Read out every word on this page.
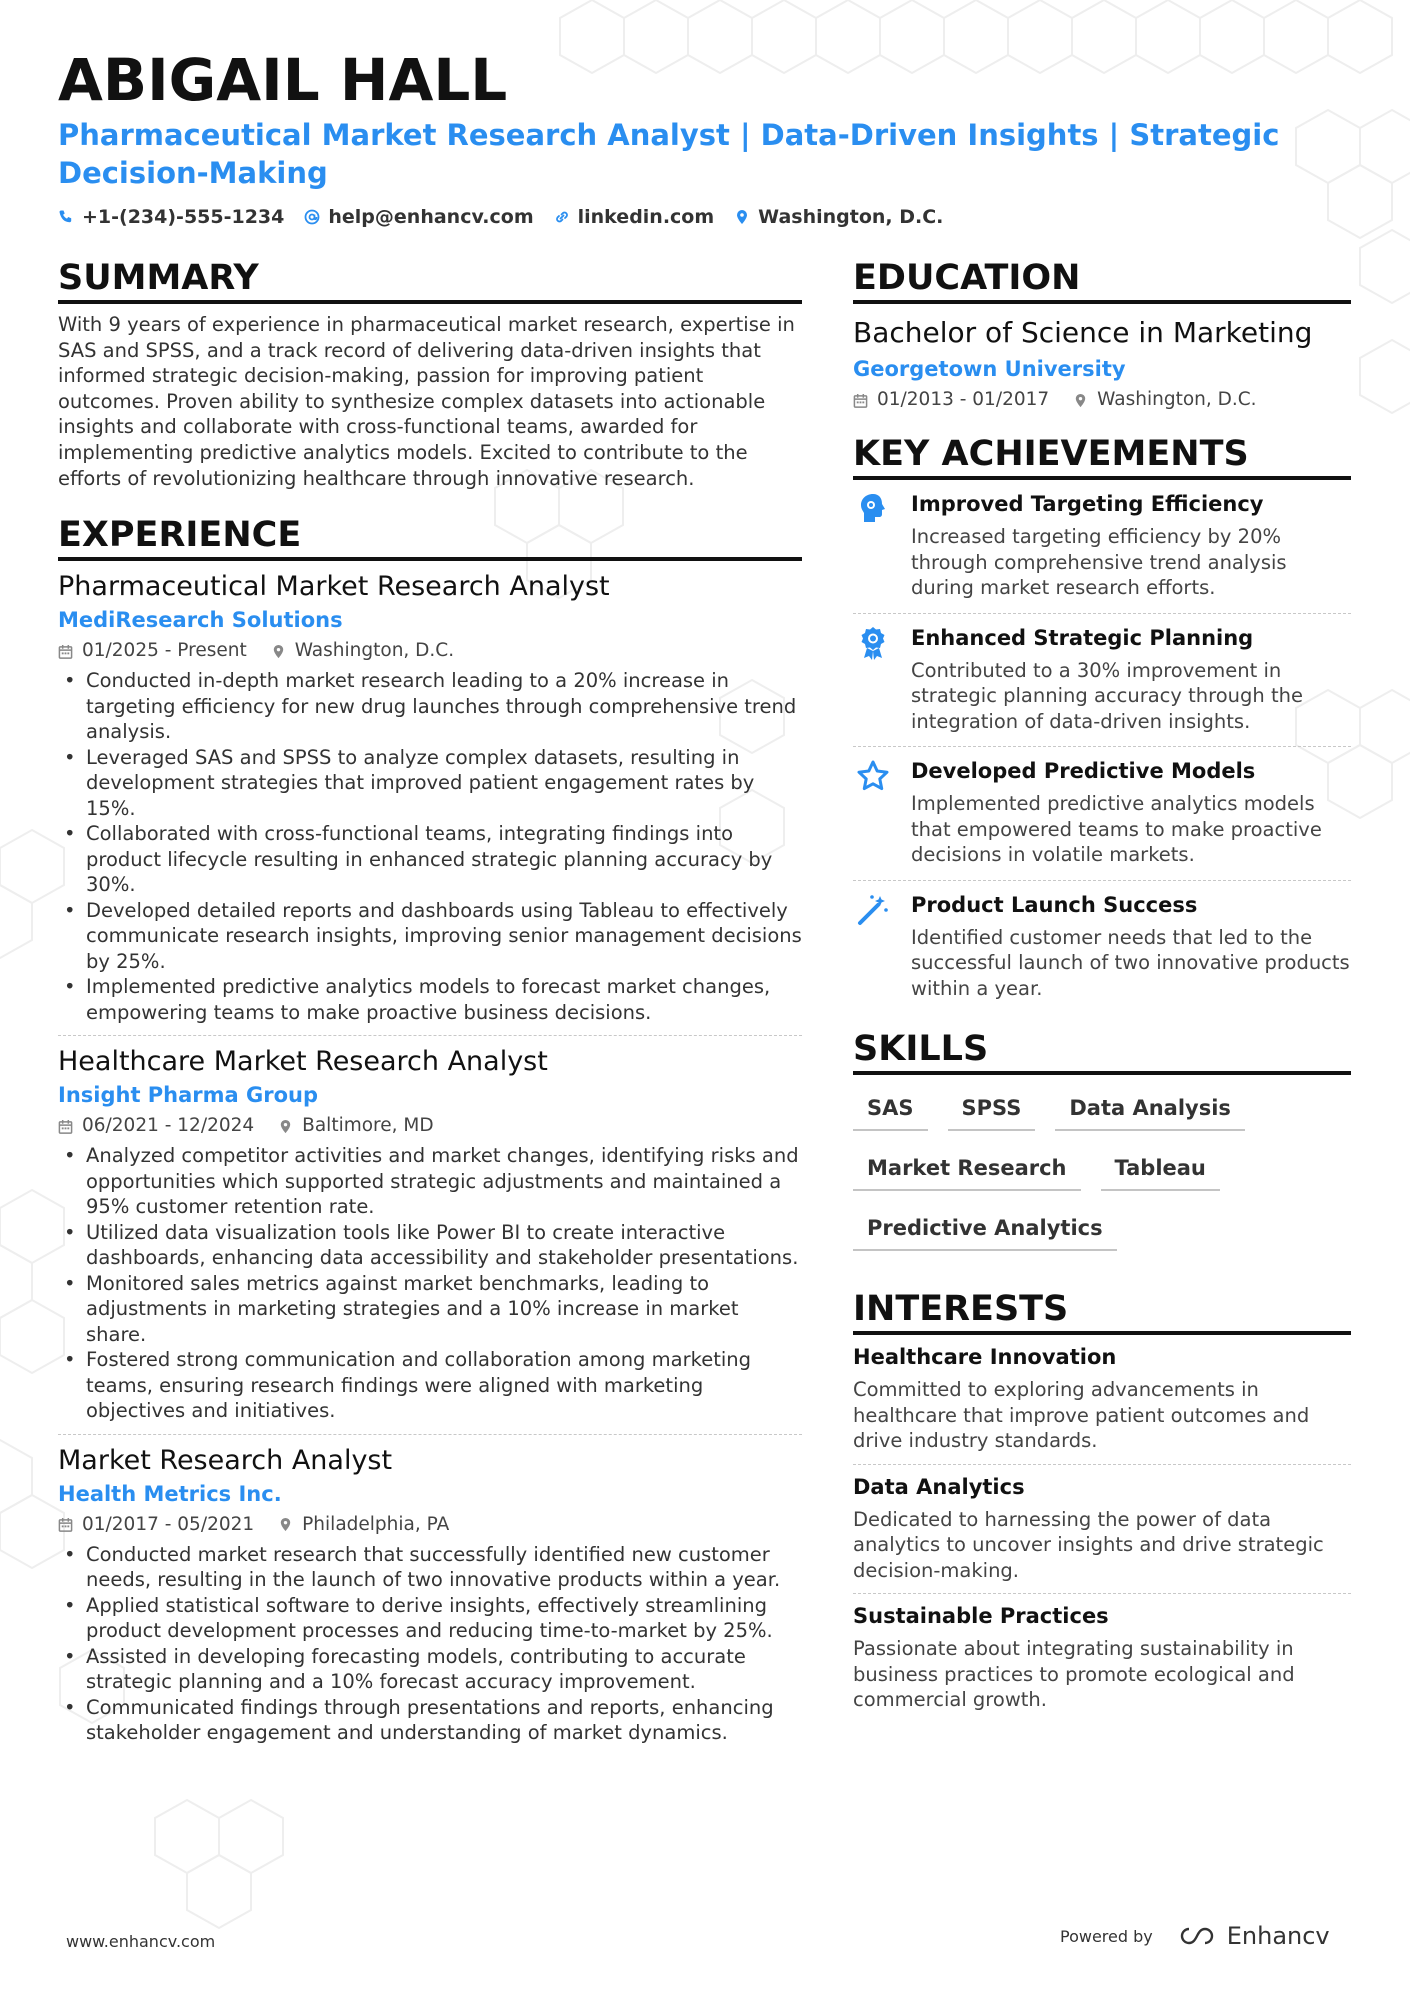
ABIGAIL HALL

Pharmaceutical Market Research Analyst | Data-Driven Insights | Strategic Decision-Making

+1-(234)-555-1234 help@enhancv.com linkedin.com Washington, D.C.
SUMMARY

With 9 years of experience in pharmaceutical market research, expertise in SAS and SPSS, and a track record of delivering data-driven insights that informed strategic decision-making, passion for improving patient outcomes. Proven ability to synthesize complex datasets into actionable insights and collaborate with cross-functional teams, awarded for implementing predictive analytics models. Excited to contribute to the efforts of revolutionizing healthcare through innovative research.

EXPERIENCE

Pharmaceutical Market Research Analyst

MediResearch Solutions

01/2025 - Present	Washington, D.C.
• Conducted in-depth market research leading to a 20% increase in targeting efficiency for new drug launches through comprehensive trend analysis.
• Leveraged SAS and SPSS to analyze complex datasets, resulting in development strategies that improved patient engagement rates by 15%.
• Collaborated with cross-functional teams, integrating findings into product lifecycle resulting in enhanced strategic planning accuracy by 30%.
• Developed detailed reports and dashboards using Tableau to effectively communicate research insights, improving senior management decisions by 25%.
• Implemented predictive analytics models to forecast market changes, empowering teams to make proactive business decisions.

Healthcare Market Research Analyst

Insight Pharma Group

06/2021 - 12/2024	Baltimore, MD
• Analyzed competitor activities and market changes, identifying risks and opportunities which supported strategic adjustments and maintained a 95% customer retention rate.
• Utilized data visualization tools like Power BI to create interactive dashboards, enhancing data accessibility and stakeholder presentations.
• Monitored sales metrics against market benchmarks, leading to adjustments in marketing strategies and a 10% increase in market share.
• Fostered strong communication and collaboration among marketing teams, ensuring research findings were aligned with marketing objectives and initiatives.

Market Research Analyst

Health Metrics Inc.

01/2017 - 05/2021	Philadelphia, PA
• Conducted market research that successfully identified new customer needs, resulting in the launch of two innovative products within a year.
• Applied statistical software to derive insights, effectively streamlining product development processes and reducing time-to-market by 25%.
• Assisted in developing forecasting models, contributing to accurate strategic planning and a 10% forecast accuracy improvement.
• Communicated findings through presentations and reports, enhancing stakeholder engagement and understanding of market dynamics.
EDUCATION

Bachelor of Science in Marketing

Georgetown University

01/2013 - 01/2017	Washington, D.C.
KEY ACHIEVEMENTS

Improved Targeting Efficiency

Increased targeting efficiency by 20% through comprehensive trend analysis during market research efforts.

Enhanced Strategic Planning

Contributed to a 30% improvement in strategic planning accuracy through the integration of data-driven insights.

Developed Predictive Models

Implemented predictive analytics models that empowered teams to make proactive decisions in volatile markets.

Product Launch Success

Identified customer needs that led to the successful launch of two innovative products within a year.

SKILLS
SAS	SPSS	Data Analysis
Market Research	Tableau
Predictive Analytics
INTERESTS

Healthcare Innovation

Committed to exploring advancements in healthcare that improve patient outcomes and drive industry standards.

Data Analytics

Dedicated to harnessing the power of data analytics to uncover insights and drive strategic decision-making.

Sustainable Practices

Passionate about integrating sustainability in business practices to promote ecological and commercial growth.

www.enhancv.com	Powered by	Enhancv
